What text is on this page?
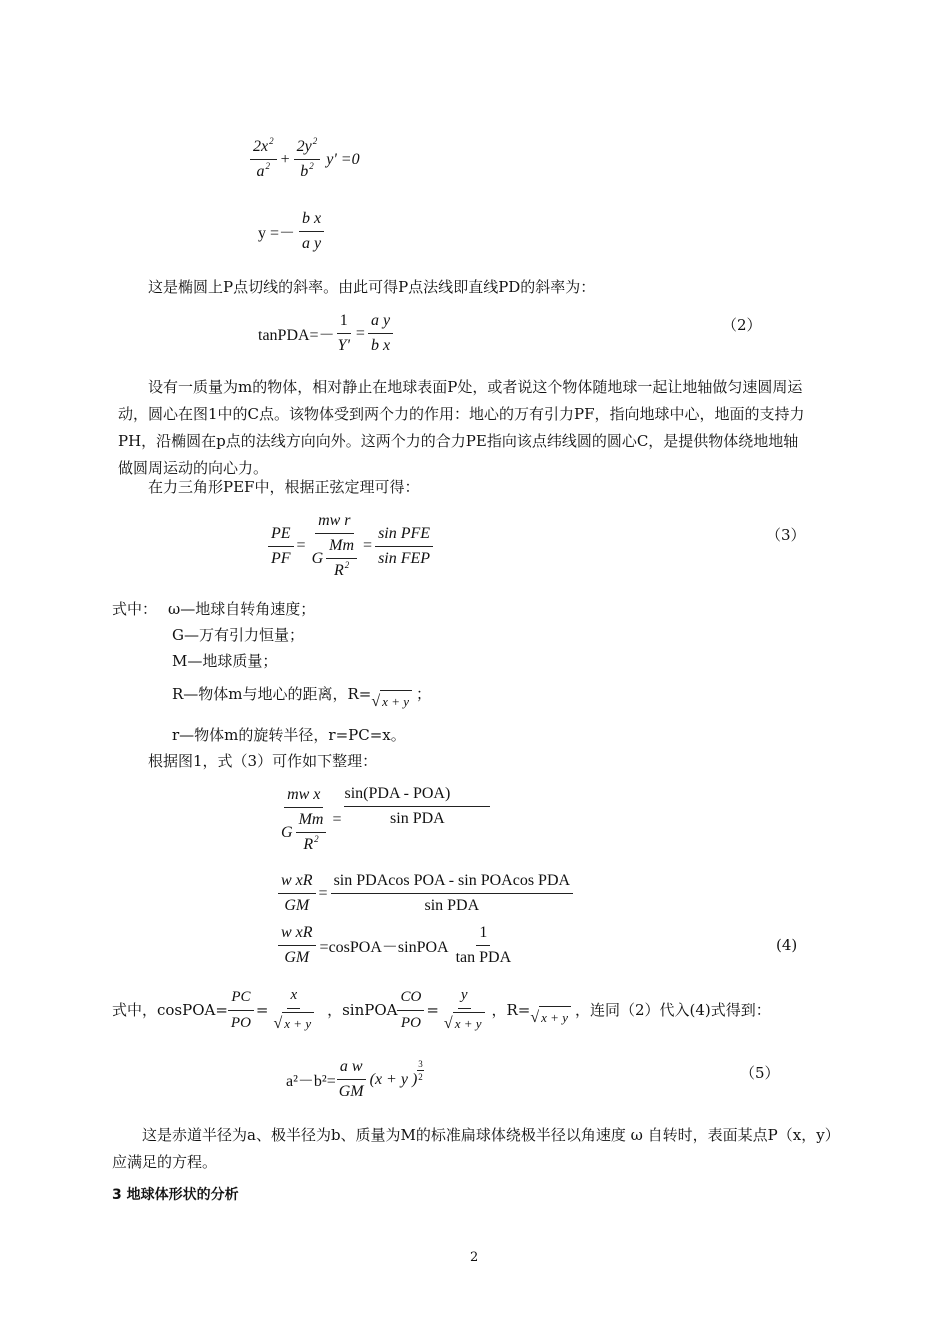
$\frac{2x^2}{a^2} + \frac{2y^2}{b^2} y' =0$
$y =- \frac{\text{b x}}{\text{a y}}$
这是椭圆上P点切线的斜率。由此可得P点法线即直线PD的斜率为：
tanPDA=－ $\frac{1}{Y'} = \frac{\text{a y}}{\text{b x}}$	（2）
设有一质量为m的物体，相对静止在地球表面P处，或者说这个物体随地球一起让地轴做匀速圆周运动，圆心在图1中的C点。该物体受到两个力的作用：地心的万有引力PF，指向地球中心，地面的支持力PH，沿椭圆在p点的法线方向向外。这两个力的合力PE指向该点纬线圆的圆心C，是提供物体绕地地轴做圆周运动的向心力。
在力三角形PEF中，根据正弦定理可得：
$\frac{PE}{PF} = \frac{\text{mw r}}{G \frac{Mm}{R^2}} = \frac{\text{sin PFE}}{\text{sin FEP}}$	（3）
式中： ω—地球自转角速度；
G—万有引力恒量；
M—地球质量；
R—物体m与地心的距离，R= √ x + y ；
r—物体m的旋转半径，r=PC=x。
根据图1，式（3）可作如下整理：
$\frac{\text{mw x}}{G \frac{Mm}{R^2}} = \frac{\text{sin(PDA - POA)}}{\text{sin PDA}}$
$\frac{\text{w xR}}{GM} = \frac{\text{sin PDAcos POA - sin POAcos PDA}}{\text{sin PDA}}$
$\frac{\text{w xR}}{GM}$ =cosPOA－sinPOA $\frac{1}{\text{tan PDA}}$	(4)
式中，cosPOA= $\frac{PC}{PO} = \frac{x}{√ x + y}$ ，sinPOA $\frac{CO}{PO} = \frac{y}{√ x + y}$ ，R= √ x + y ，连同（2）代入(4)式得到：
$a^2-b^2= \frac{\text{a w}}{GM} (x + y$ ) $\frac{3}{2}$	（5）
这是赤道半径为a、极半径为b、质量为M的标准扁球体绕极半径以角速度 ω 自转时，表面某点P（x，y）应满足的方程。
3 地球体形状的分析
2
